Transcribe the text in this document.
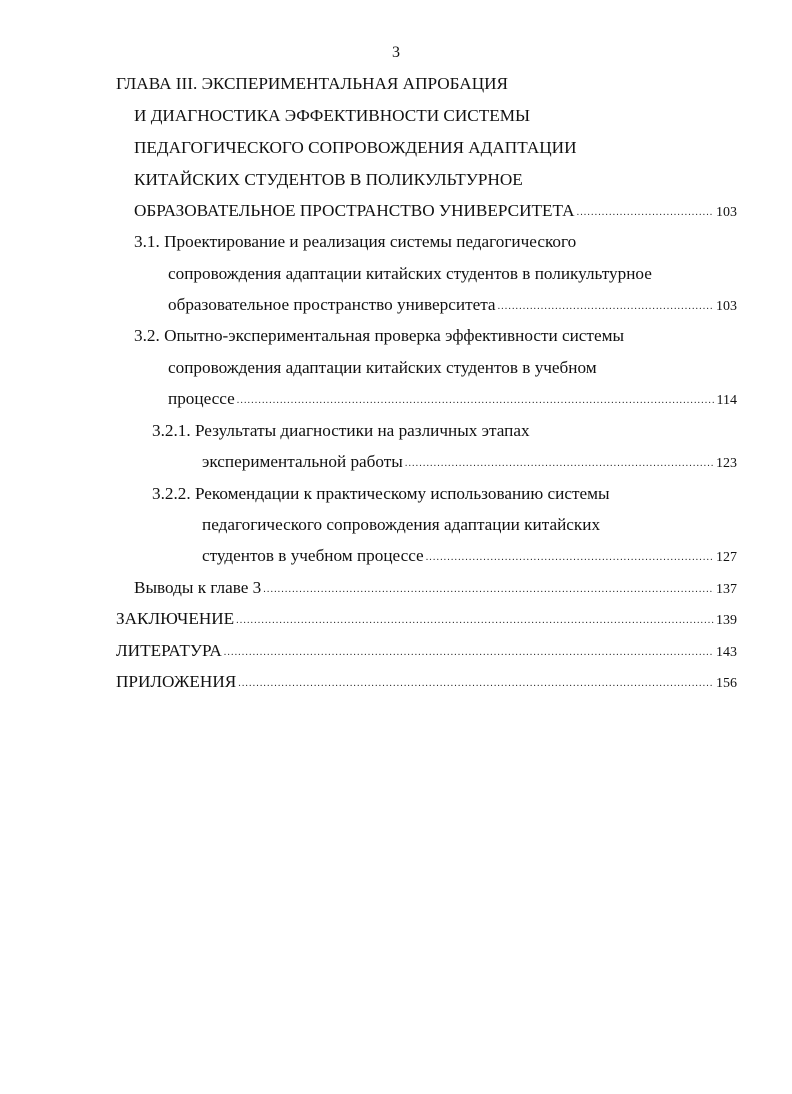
3
ГЛАВА III. ЭКСПЕРИМЕНТАЛЬНАЯ АПРОБАЦИЯ
И ДИАГНОСТИКА ЭФФЕКТИВНОСТИ СИСТЕМЫ
ПЕДАГОГИЧЕСКОГО СОПРОВОЖДЕНИЯ АДАПТАЦИИ
КИТАЙСКИХ СТУДЕНТОВ В ПОЛИКУЛЬТУРНОЕ
ОБРАЗОВАТЕЛЬНОЕ ПРОСТРАНСТВО УНИВЕРСИТЕТА .....	103
3.1. Проектирование и реализация системы педагогического
сопровождения адаптации китайских студентов в поликультурное
образовательное пространство университета .....	103
3.2. Опытно-экспериментальная проверка эффективности системы
сопровождения адаптации китайских студентов в учебном
процессе .....	114
3.2.1. Результаты диагностики на различных этапах
экспериментальной работы .....	123
3.2.2. Рекомендации к практическому использованию системы
педагогического сопровождения адаптации китайских
студентов в учебном процессе .....	127
Выводы к главе 3 .....	137
ЗАКЛЮЧЕНИЕ .....	139
ЛИТЕРАТУРА .....	143
ПРИЛОЖЕНИЯ .....	156
